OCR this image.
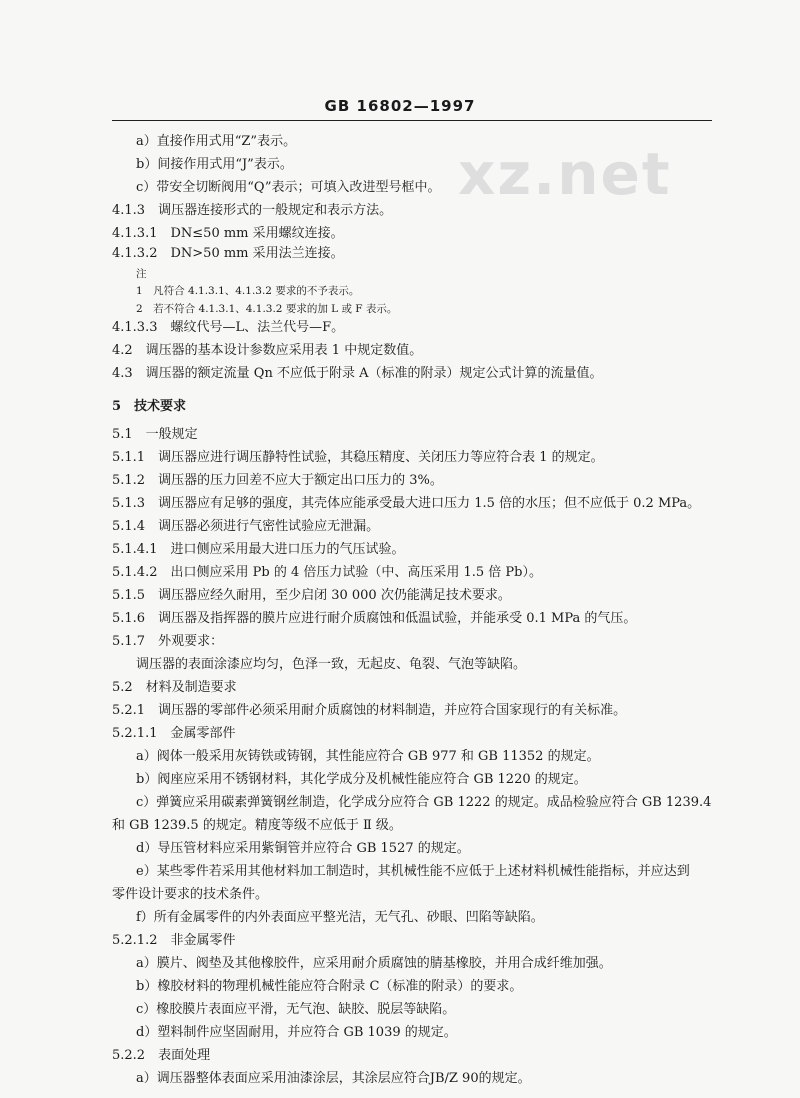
GB 16802—1997
xz.net
a）直接作用式用“Z”表示。
b）间接作用式用“J”表示。
c）带安全切断阀用“Q”表示；可填入改进型号框中。
4.1.3　调压器连接形式的一般规定和表示方法。
4.1.3.1　DN≤50 mm 采用螺纹连接。
4.1.3.2　DN>50 mm 采用法兰连接。
注
1　凡符合 4.1.3.1、4.1.3.2 要求的不予表示。
2　若不符合 4.1.3.1、4.1.3.2 要求的加 L 或 F 表示。
4.1.3.3　螺纹代号—L、法兰代号—F。
4.2　调压器的基本设计参数应采用表 1 中规定数值。
4.3　调压器的额定流量 Qn 不应低于附录 A（标准的附录）规定公式计算的流量值。
5　技术要求
5.1　一般规定
5.1.1　调压器应进行调压静特性试验，其稳压精度、关闭压力等应符合表 1 的规定。
5.1.2　调压器的压力回差不应大于额定出口压力的 3%。
5.1.3　调压器应有足够的强度，其壳体应能承受最大进口压力 1.5 倍的水压；但不应低于 0.2 MPa。
5.1.4　调压器必须进行气密性试验应无泄漏。
5.1.4.1　进口侧应采用最大进口压力的气压试验。
5.1.4.2　出口侧应采用 Pb 的 4 倍压力试验（中、高压采用 1.5 倍 Pb）。
5.1.5　调压器应经久耐用，至少启闭 30 000 次仍能满足技术要求。
5.1.6　调压器及指挥器的膜片应进行耐介质腐蚀和低温试验，并能承受 0.1 MPa 的气压。
5.1.7　外观要求：
调压器的表面涂漆应均匀，色泽一致，无起皮、龟裂、气泡等缺陷。
5.2　材料及制造要求
5.2.1　调压器的零部件必须采用耐介质腐蚀的材料制造，并应符合国家现行的有关标准。
5.2.1.1　金属零部件
a）阀体一般采用灰铸铁或铸钢，其性能应符合 GB 977 和 GB 11352 的规定。
b）阀座应采用不锈钢材料，其化学成分及机械性能应符合 GB 1220 的规定。
c）弹簧应采用碳素弹簧钢丝制造，化学成分应符合 GB 1222 的规定。成品检验应符合 GB 1239.4
和 GB 1239.5 的规定。精度等级不应低于 Ⅱ 级。
d）导压管材料应采用紫铜管并应符合 GB 1527 的规定。
e）某些零件若采用其他材料加工制造时，其机械性能不应低于上述材料机械性能指标，并应达到
零件设计要求的技术条件。
f）所有金属零件的内外表面应平整光洁，无气孔、砂眼、凹陷等缺陷。
5.2.1.2　非金属零件
a）膜片、阀垫及其他橡胶件，应采用耐介质腐蚀的腈基橡胶，并用合成纤维加强。
b）橡胶材料的物理机械性能应符合附录 C（标准的附录）的要求。
c）橡胶膜片表面应平滑，无气泡、缺胶、脱层等缺陷。
d）塑料制件应坚固耐用，并应符合 GB 1039 的规定。
5.2.2　表面处理
a）调压器整体表面应采用油漆涂层，其涂层应符合JB/Z 90的规定。
